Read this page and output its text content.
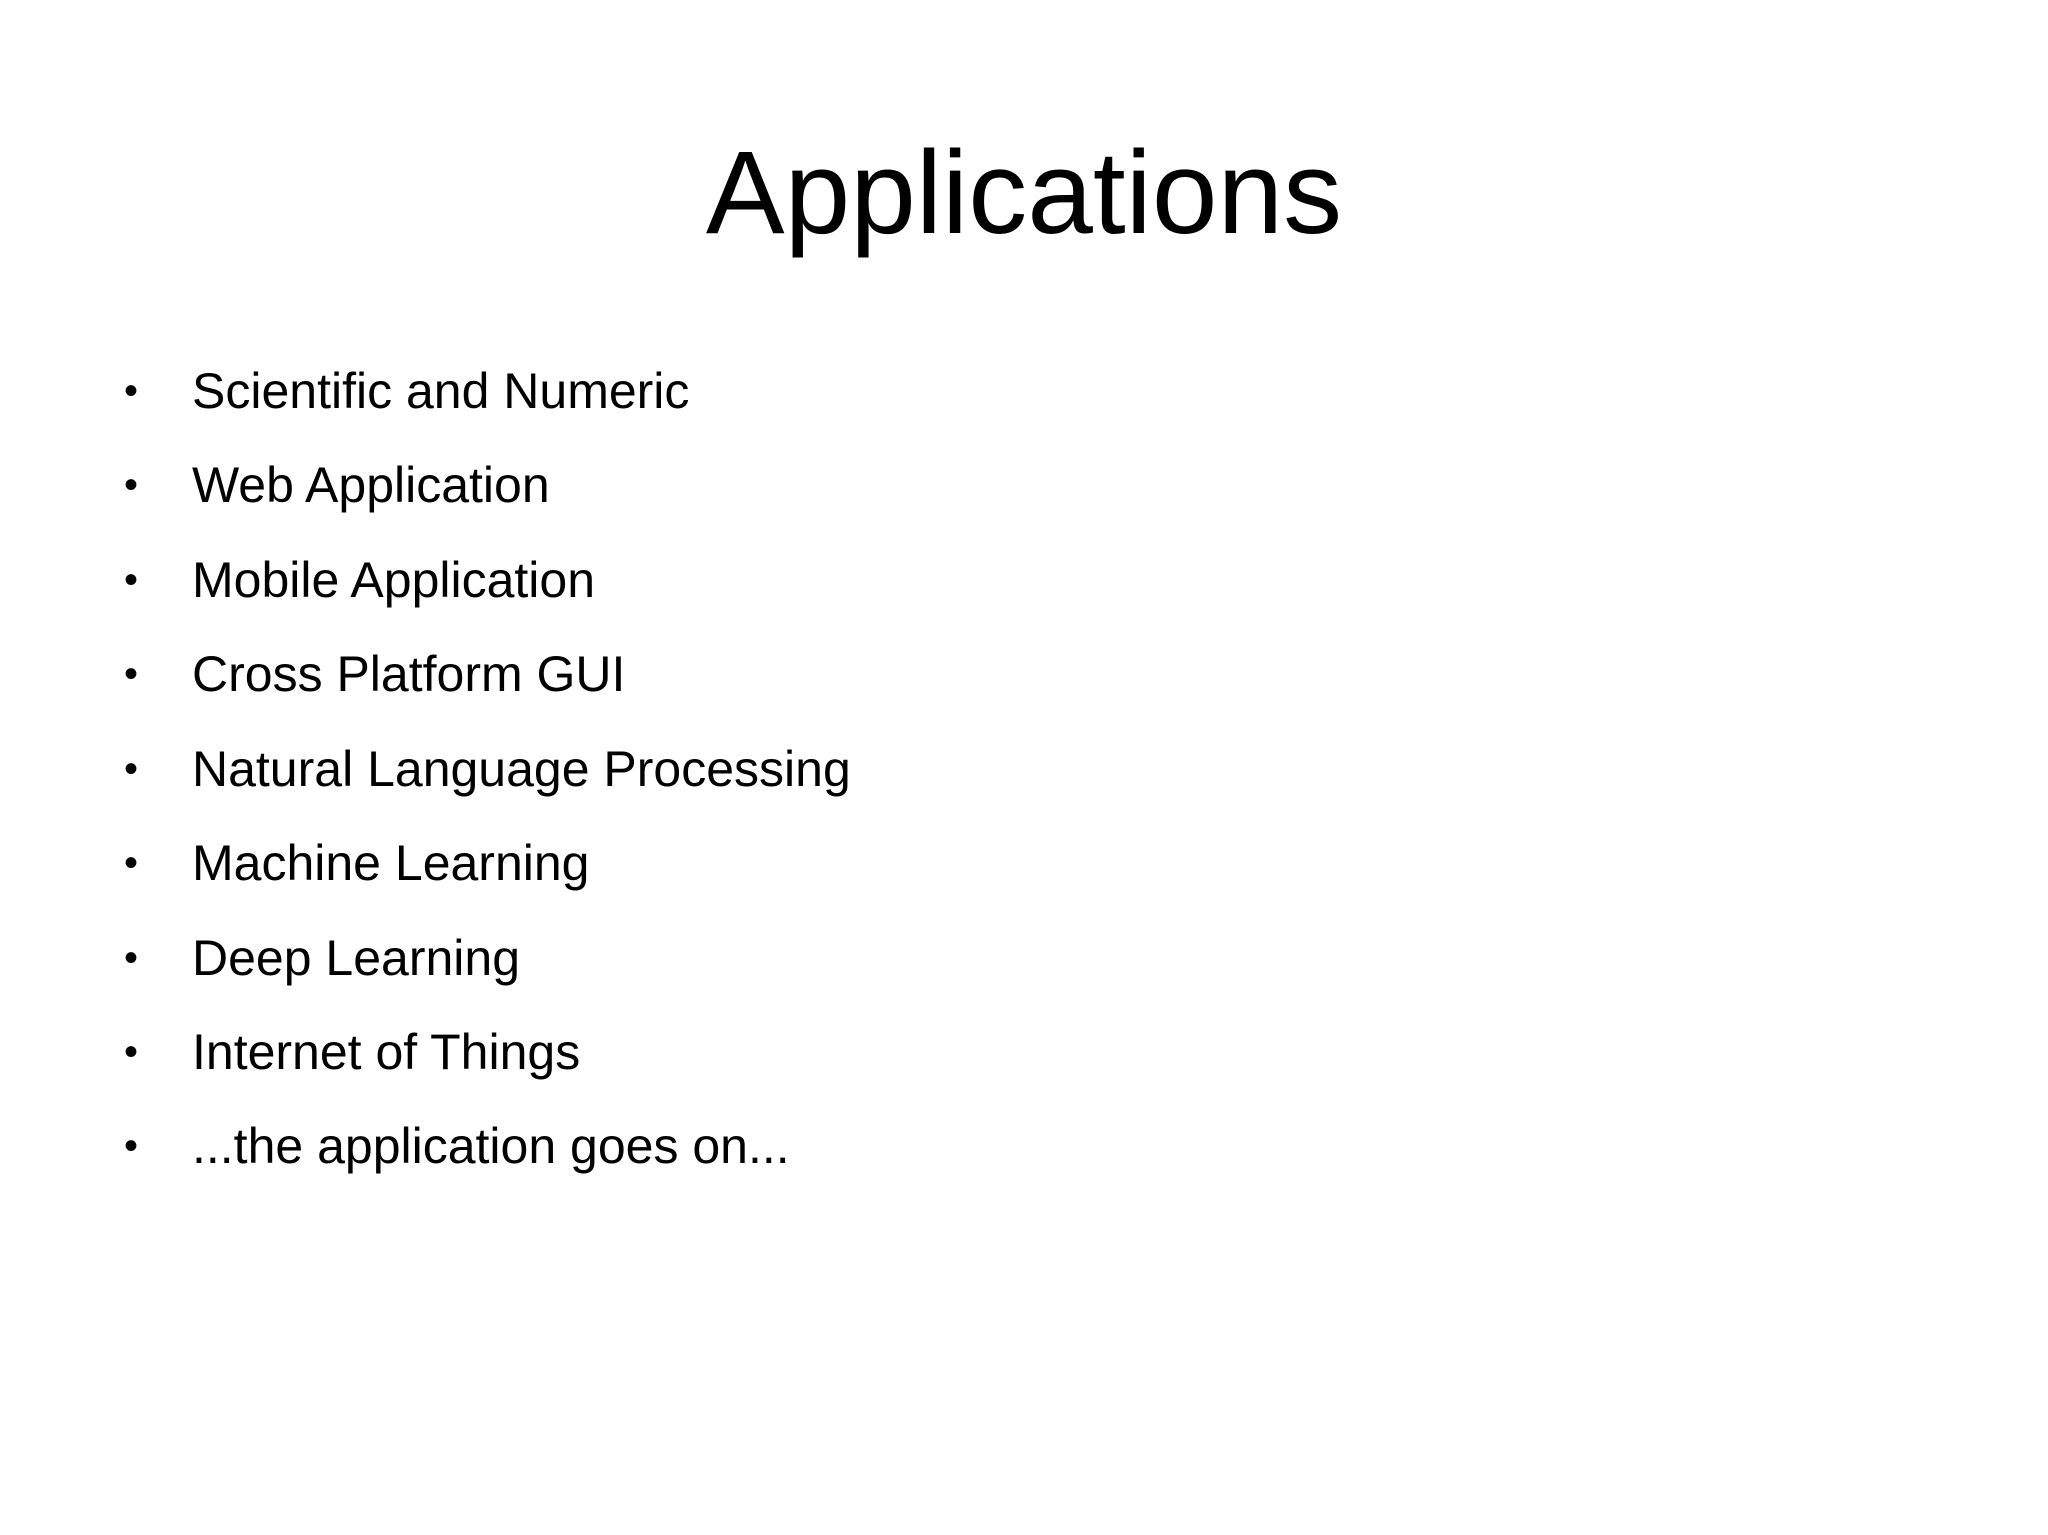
Applications
• Scientific and Numeric
• Web Application
• Mobile Application
• Cross Platform GUI
• Natural Language Processing
• Machine Learning
• Deep Learning
• Internet of Things
• ...the application goes on...
